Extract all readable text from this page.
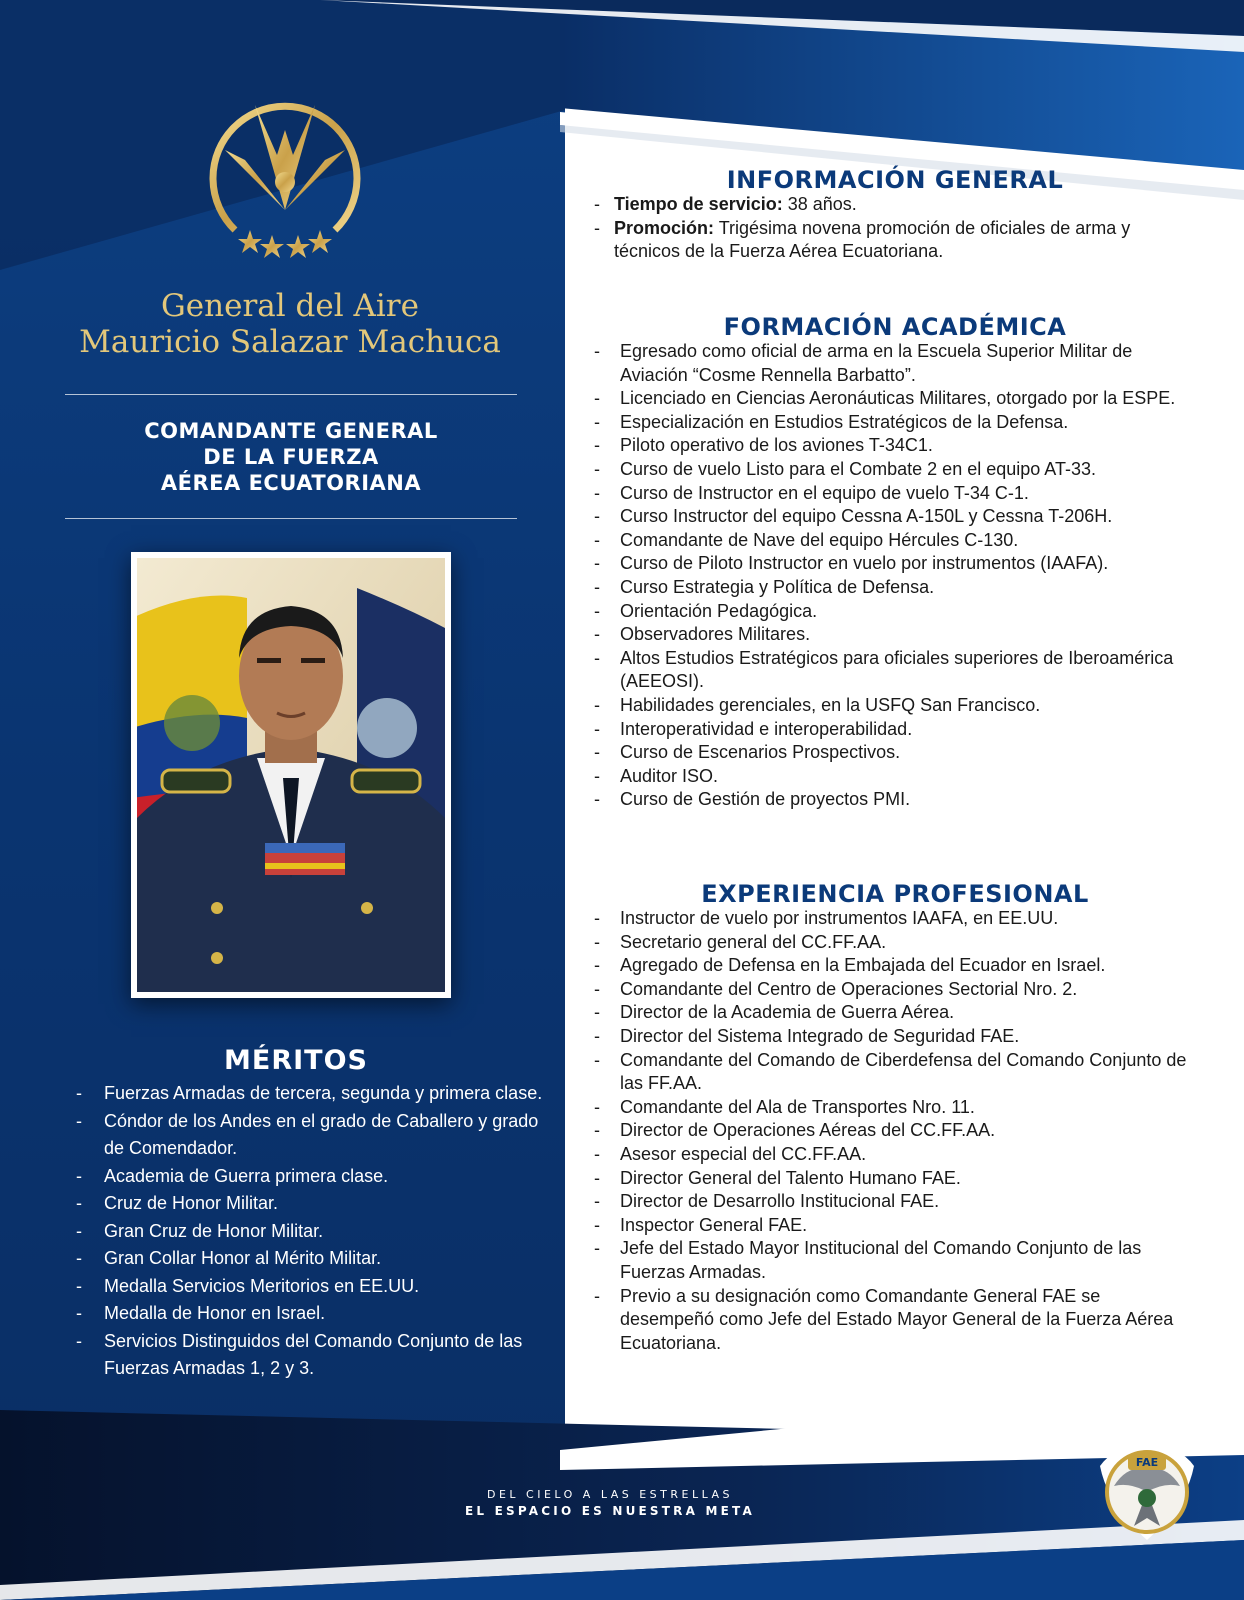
General del Aire
Mauricio Salazar Machuca
COMANDANTE GENERAL
DE LA FUERZA
AÉREA ECUATORIANA
MÉRITOS
- Fuerzas Armadas de tercera, segunda y primera clase.
- Cóndor de los Andes en el grado de Caballero y grado de Comendador.
- Academia de Guerra primera clase.
- Cruz de Honor Militar.
- Gran Cruz de Honor Militar.
- Gran Collar Honor al Mérito Militar.
- Medalla Servicios Meritorios en EE.UU.
- Medalla de Honor en Israel.
- Servicios Distinguidos del Comando Conjunto de las Fuerzas Armadas 1, 2 y 3.
INFORMACIÓN GENERAL
- Tiempo de servicio: 38 años.
- Promoción: Trigésima novena promoción de oficiales de arma y técnicos de la Fuerza Aérea Ecuatoriana.
FORMACIÓN ACADÉMICA
- Egresado como oficial de arma en la Escuela Superior Militar de Aviación “Cosme Rennella Barbatto”.
- Licenciado en Ciencias Aeronáuticas Militares, otorgado por la ESPE.
- Especialización en Estudios Estratégicos de la Defensa.
- Piloto operativo de los aviones T-34C1.
- Curso de vuelo Listo para el Combate 2 en el equipo AT-33.
- Curso de Instructor en el equipo de vuelo T-34 C-1.
- Curso Instructor del equipo Cessna A-150L y Cessna T-206H.
- Comandante de Nave del equipo Hércules C-130.
- Curso de Piloto Instructor en vuelo por instrumentos (IAAFA).
- Curso Estrategia y Política de Defensa.
- Orientación Pedagógica.
- Observadores Militares.
- Altos Estudios Estratégicos para oficiales superiores de Iberoamérica (AEEOSI).
- Habilidades gerenciales, en la USFQ San Francisco.
- Interoperatividad e interoperabilidad.
- Curso de Escenarios Prospectivos.
- Auditor ISO.
- Curso de Gestión de proyectos PMI.
EXPERIENCIA PROFESIONAL
- Instructor de vuelo por instrumentos IAAFA, en EE.UU.
- Secretario general del CC.FF.AA.
- Agregado de Defensa en la Embajada del Ecuador en Israel.
- Comandante del Centro de Operaciones Sectorial Nro. 2.
- Director de la Academia de Guerra Aérea.
- Director del Sistema Integrado de Seguridad FAE.
- Comandante del Comando de Ciberdefensa del Comando Conjunto de las FF.AA.
- Comandante del Ala de Transportes Nro. 11.
- Director de Operaciones Aéreas del CC.FF.AA.
- Asesor especial del CC.FF.AA.
- Director General del Talento Humano FAE.
- Director de Desarrollo Institucional FAE.
- Inspector General FAE.
- Jefe del Estado Mayor Institucional del Comando Conjunto de las Fuerzas Armadas.
- Previo a su designación como Comandante General FAE se desempeñó como Jefe del Estado Mayor General de la Fuerza Aérea Ecuatoriana.
DEL CIELO A LAS ESTRELLAS
EL ESPACIO ES NUESTRA META
FAE
